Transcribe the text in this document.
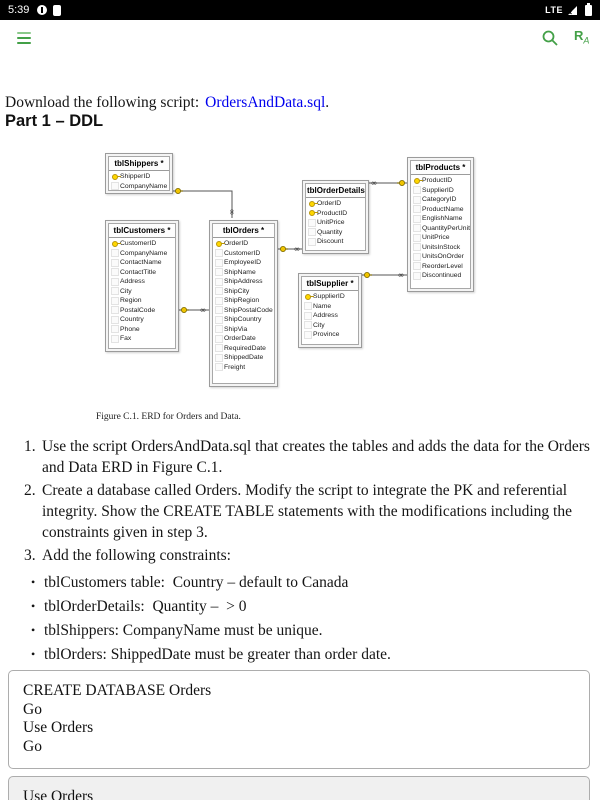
5:39	LTE
$R_A$

Download the following script: OrdersAndData.sql.

Part 1 – DDL
∞
∞
∞
∞
∞
tblShippers *
ShipperID
CompanyName
tblCustomers *
CustomerID
CompanyName
ContactName
ContactTitle
Address
City
Region
PostalCode
Country
Phone
Fax
tblOrders *
OrderID
CustomerID
EmployeeID
ShipName
ShipAddress
ShipCity
ShipRegion
ShipPostalCode
ShipCountry
ShipVia
OrderDate
RequiredDate
ShippedDate
Freight
tblOrderDetails
OrderID
ProductID
UnitPrice
Quantity
Discount
tblProducts *
ProductID
SupplierID
CategoryID
ProductName
EnglishName
QuantityPerUnit
UnitPrice
UnitsInStock
UnitsOnOrder
ReorderLevel
Discontinued
tblSupplier *
SupplierID
Name
Address
City
Province
Figure C.1. ERD for Orders and Data.
1. Use the script OrdersAndData.sql that creates the tables and adds the data for the Orders and Data ERD in Figure C.1.
2. Create a database called Orders. Modify the script to integrate the PK and referential integrity. Show the CREATE TABLE statements with the modifications including the constraints given in step 3.
3. Add the following constraints:
• tblCustomers table:  Country – default to Canada
• tblOrderDetails:  Quantity –  > 0
• tblShippers: CompanyName must be unique.
• tblOrders: ShippedDate must be greater than order date.
CREATE DATABASE Orders
Go
Use Orders
Go
Use Orders
